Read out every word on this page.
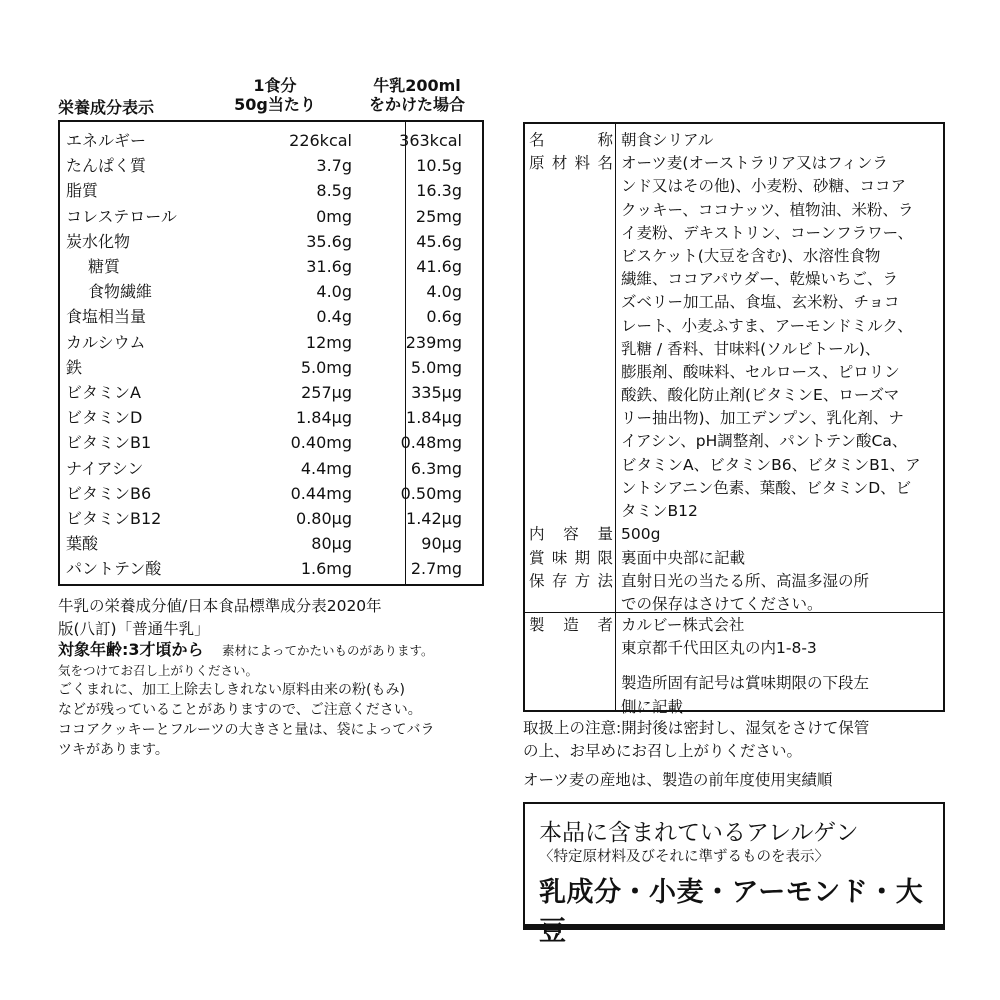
栄養成分表示
1食分
50g当たり
牛乳200ml
をかけた場合
エネルギー	226kcal	363kcal
たんぱく質	3.7g	10.5g
脂質	8.5g	16.3g
コレステロール	0mg	25mg
炭水化物	35.6g	45.6g
糖質	31.6g	41.6g
食物繊維	4.0g	4.0g
食塩相当量	0.4g	0.6g
カルシウム	12mg	239mg
鉄	5.0mg	5.0mg
ビタミンA	257μg	335μg
ビタミンD	1.84μg	1.84μg
ビタミンB1	0.40mg	0.48mg
ナイアシン	4.4mg	6.3mg
ビタミンB6	0.44mg	0.50mg
ビタミンB12	0.80μg	1.42μg
葉酸	80μg	90μg
パントテン酸	1.6mg	2.7mg
牛乳の栄養成分値/日本食品標準成分表2020年
版(八訂)「普通牛乳」
対象年齢:3才頃から 素材によってかたいものがあります。
気をつけてお召し上がりください。
ごくまれに、加工上除去しきれない原料由来の粉(もみ)
などが残っていることがありますので、ご注意ください。
ココアクッキーとフルーツの大きさと量は、袋によってバラ
ツキがあります。
名　称 朝食シリアル
原材料名 オーツ麦(オーストラリア又はフィンラ
ンド又はその他)、小麦粉、砂糖、ココア
クッキー、ココナッツ、植物油、米粉、ラ
イ麦粉、デキストリン、コーンフラワー、
ビスケット(大豆を含む)、水溶性食物
繊維、ココアパウダー、乾燥いちご、ラ
ズベリー加工品、食塩、玄米粉、チョコ
レート、小麦ふすま、アーモンドミルク、
乳糖 / 香料、甘味料(ソルビトール)、
膨脹剤、酸味料、セルロース、ピロリン
酸鉄、酸化防止剤(ビタミンE、ローズマ
リー抽出物)、加工デンプン、乳化剤、ナ
イアシン、pH調整剤、パントテン酸Ca、
ビタミンA、ビタミンB6、ビタミンB1、ア
ントシアニン色素、葉酸、ビタミンD、ビ
タミンB12
内容量 500g
賞味期限 裏面中央部に記載
保存方法 直射日光の当たる所、高温多湿の所
での保存はさけてください。
製造者 カルビー株式会社
東京都千代田区丸の内1-8-3
製造所固有記号は賞味期限の下段左
側に記載
取扱上の注意:開封後は密封し、湿気をさけて保管
の上、お早めにお召し上がりください。
オーツ麦の産地は、製造の前年度使用実績順
本品に含まれているアレルゲン
〈特定原材料及びそれに準ずるものを表示〉
乳成分・小麦・アーモンド・大豆
